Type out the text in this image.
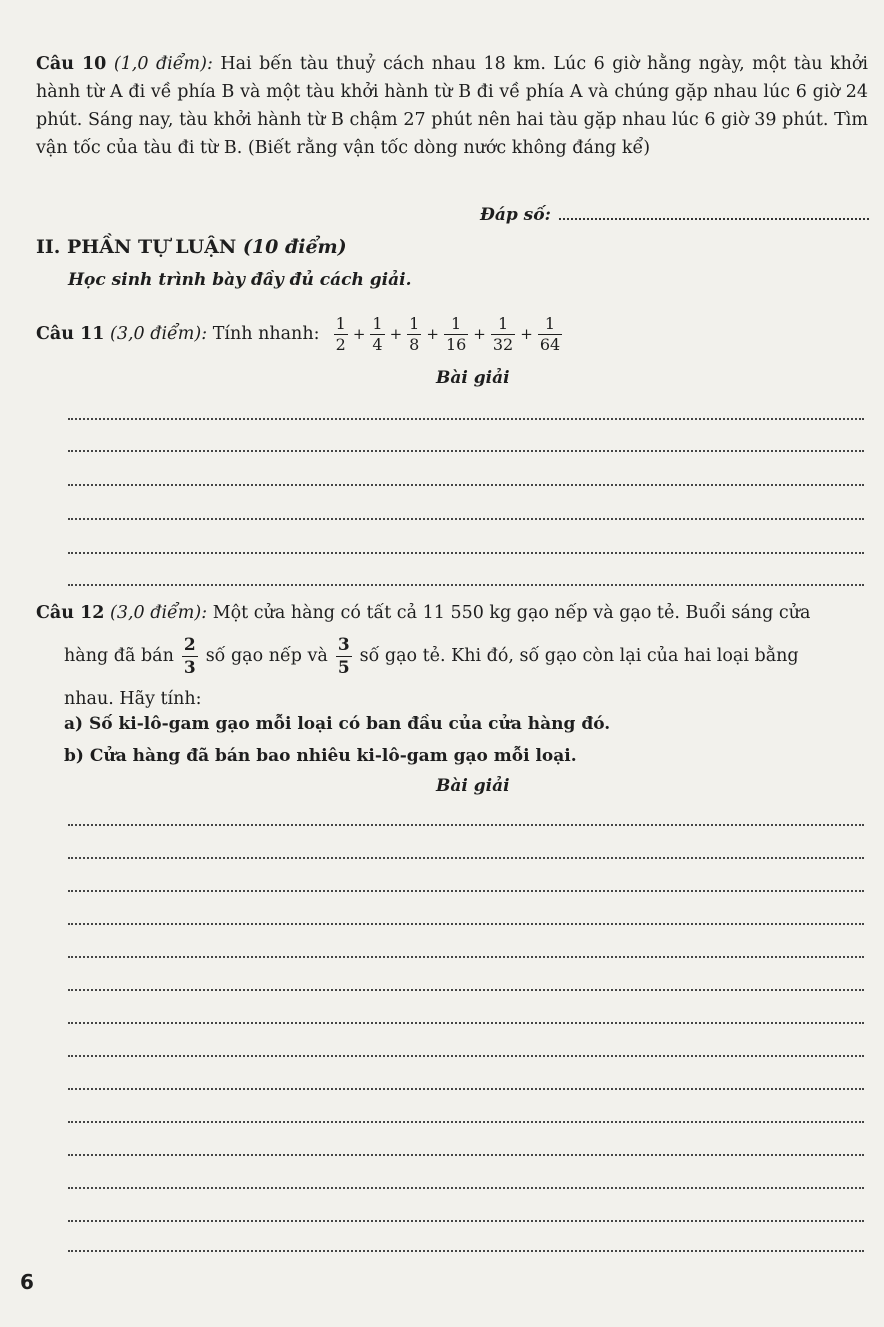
Câu 10 (1,0 điểm): Hai bến tàu thuỷ cách nhau 18 km. Lúc 6 giờ hằng ngày, một tàu khởi hành từ A đi về phía B và một tàu khởi hành từ B đi về phía A và chúng gặp nhau lúc 6 giờ 24 phút. Sáng nay, tàu khởi hành từ B chậm 27 phút nên hai tàu gặp nhau lúc 6 giờ 39 phút. Tìm vận tốc của tàu đi từ B. (Biết rằng vận tốc dòng nước không đáng kể)
Đáp số:
II. PHẦN TỰ LUẬN (10 điểm)
Học sinh trình bày đầy đủ cách giải.
Câu 11
(3,0 điểm):
Tính nhanh:
$\frac{1}{2} + \frac{1}{4} + \frac{1}{8} + \frac{1}{16} + \frac{1}{32} + \frac{1}{64}$
Bài giải
Câu 12
(3,0 điểm):
Một cửa hàng có tất cả 11 550 kg gạo nếp và gạo tẻ. Buổi sáng cửa
hàng đã bán $\frac{2}{3}$ số gạo nếp và $\frac{3}{5}$ số gạo tẻ. Khi đó, số gạo còn lại của hai loại bằng
nhau. Hãy tính:
a) Số ki-lô-gam gạo mỗi loại có ban đầu của cửa hàng đó.
b) Cửa hàng đã bán bao nhiêu ki-lô-gam gạo mỗi loại.
Bài giải
6
